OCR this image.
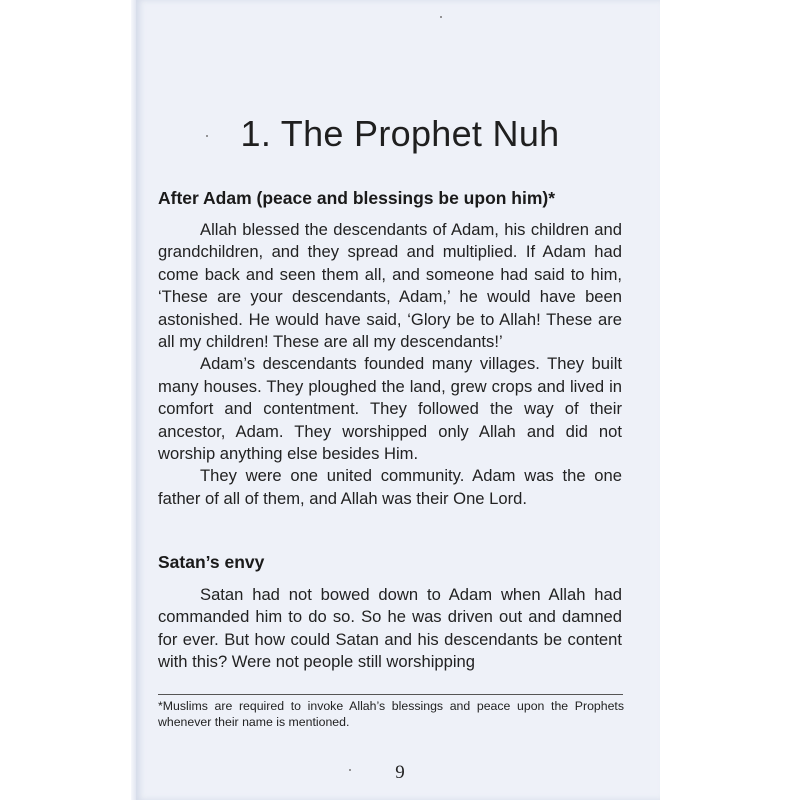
1. The Prophet Nuh
After Adam (peace and blessings be upon him)*

Allah blessed the descendants of Adam, his children and grandchildren, and they spread and multiplied. If Adam had come back and seen them all, and someone had said to him, ‘These are your descendants, Adam,’ he would have been astonished. He would have said, ‘Glory be to Allah! These are all my children! These are all my descendants!’

Adam’s descendants founded many villages. They built many houses. They ploughed the land, grew crops and lived in comfort and contentment. They followed the way of their ancestor, Adam. They worshipped only Allah and did not worship anything else besides Him.

They were one united community. Adam was the one father of all of them, and Allah was their One Lord.

Satan’s envy

Satan had not bowed down to Adam when Allah had commanded him to do so. So he was driven out and damned for ever. But how could Satan and his descendants be content with this? Were not people still worshipping

*Muslims are required to invoke Allah’s blessings and peace upon the Prophets whenever their name is mentioned.
9
